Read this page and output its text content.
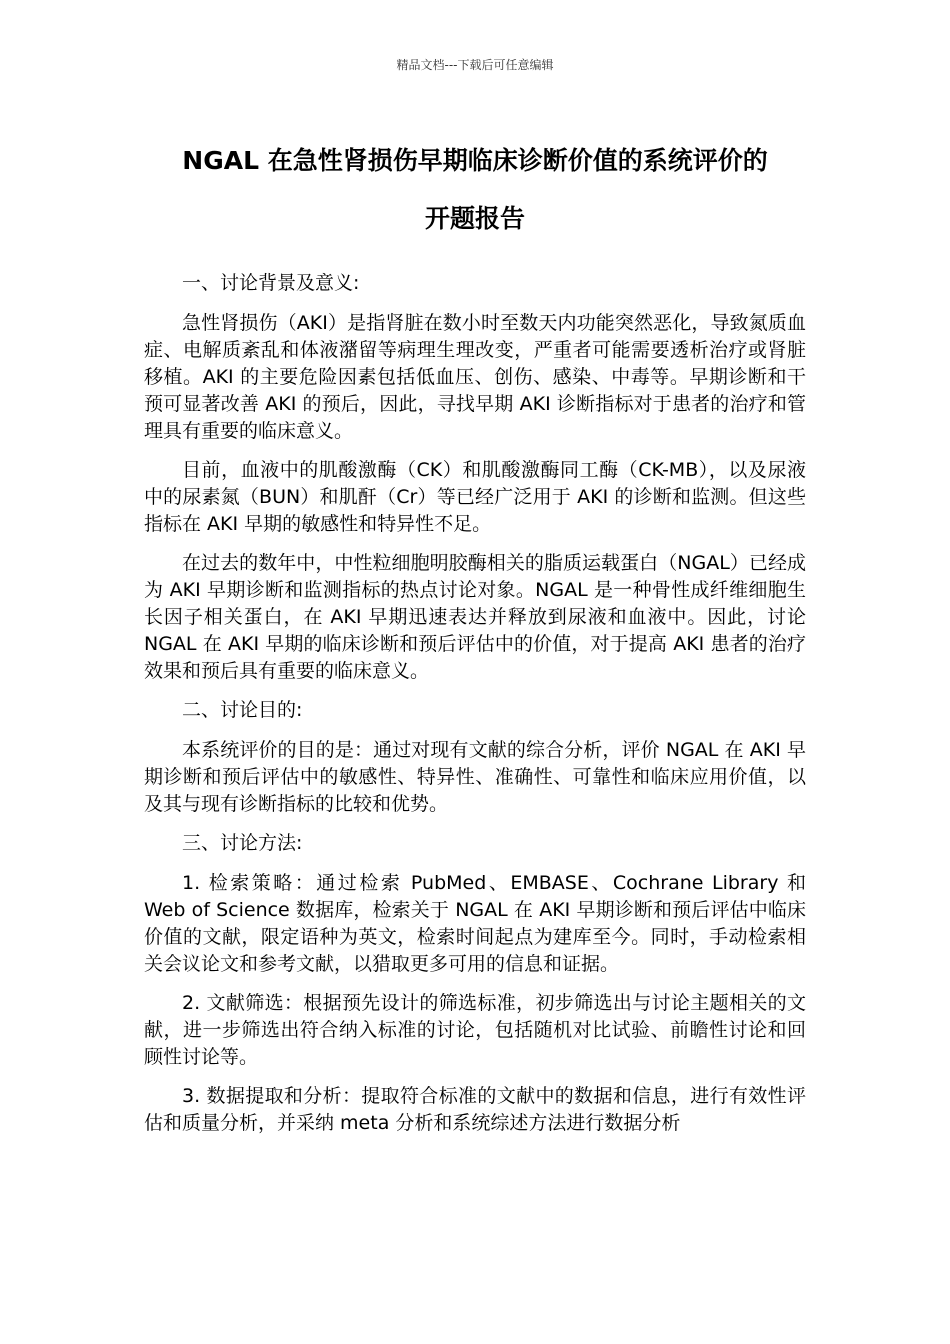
精品文档---下载后可任意编辑
NGAL 在急性肾损伤早期临床诊断价值的系统评价的
开题报告

一、讨论背景及意义:

急性肾损伤（AKI）是指肾脏在数小时至数天内功能突然恶化，导致氮质血症、电解质紊乱和体液潴留等病理生理改变，严重者可能需要透析治疗或肾脏移植。AKI 的主要危险因素包括低血压、创伤、感染、中毒等。早期诊断和干预可显著改善 AKI 的预后，因此，寻找早期 AKI 诊断指标对于患者的治疗和管理具有重要的临床意义。

目前，血液中的肌酸激酶（CK）和肌酸激酶同工酶（CK-MB），以及尿液中的尿素氮（BUN）和肌酐（Cr）等已经广泛用于 AKI 的诊断和监测。但这些指标在 AKI 早期的敏感性和特异性不足。

在过去的数年中，中性粒细胞明胶酶相关的脂质运载蛋白（NGAL）已经成为 AKI 早期诊断和监测指标的热点讨论对象。NGAL 是一种骨性成纤维细胞生长因子相关蛋白，在 AKI 早期迅速表达并释放到尿液和血液中。因此，讨论 NGAL 在 AKI 早期的临床诊断和预后评估中的价值，对于提高 AKI 患者的治疗效果和预后具有重要的临床意义。

二、讨论目的:

本系统评价的目的是：通过对现有文献的综合分析，评价 NGAL 在 AKI 早期诊断和预后评估中的敏感性、特异性、准确性、可靠性和临床应用价值，以及其与现有诊断指标的比较和优势。

三、讨论方法:

1. 检索策略：通过检索 PubMed、EMBASE、Cochrane Library 和 Web of Science 数据库，检索关于 NGAL 在 AKI 早期诊断和预后评估中临床价值的文献，限定语种为英文，检索时间起点为建库至今。同时，手动检索相关会议论文和参考文献，以猎取更多可用的信息和证据。

2. 文献筛选：根据预先设计的筛选标准，初步筛选出与讨论主题相关的文献，进一步筛选出符合纳入标准的讨论，包括随机对比试验、前瞻性讨论和回顾性讨论等。

3. 数据提取和分析：提取符合标准的文献中的数据和信息，进行有效性评估和质量分析，并采纳 meta 分析和系统综述方法进行数据分析
